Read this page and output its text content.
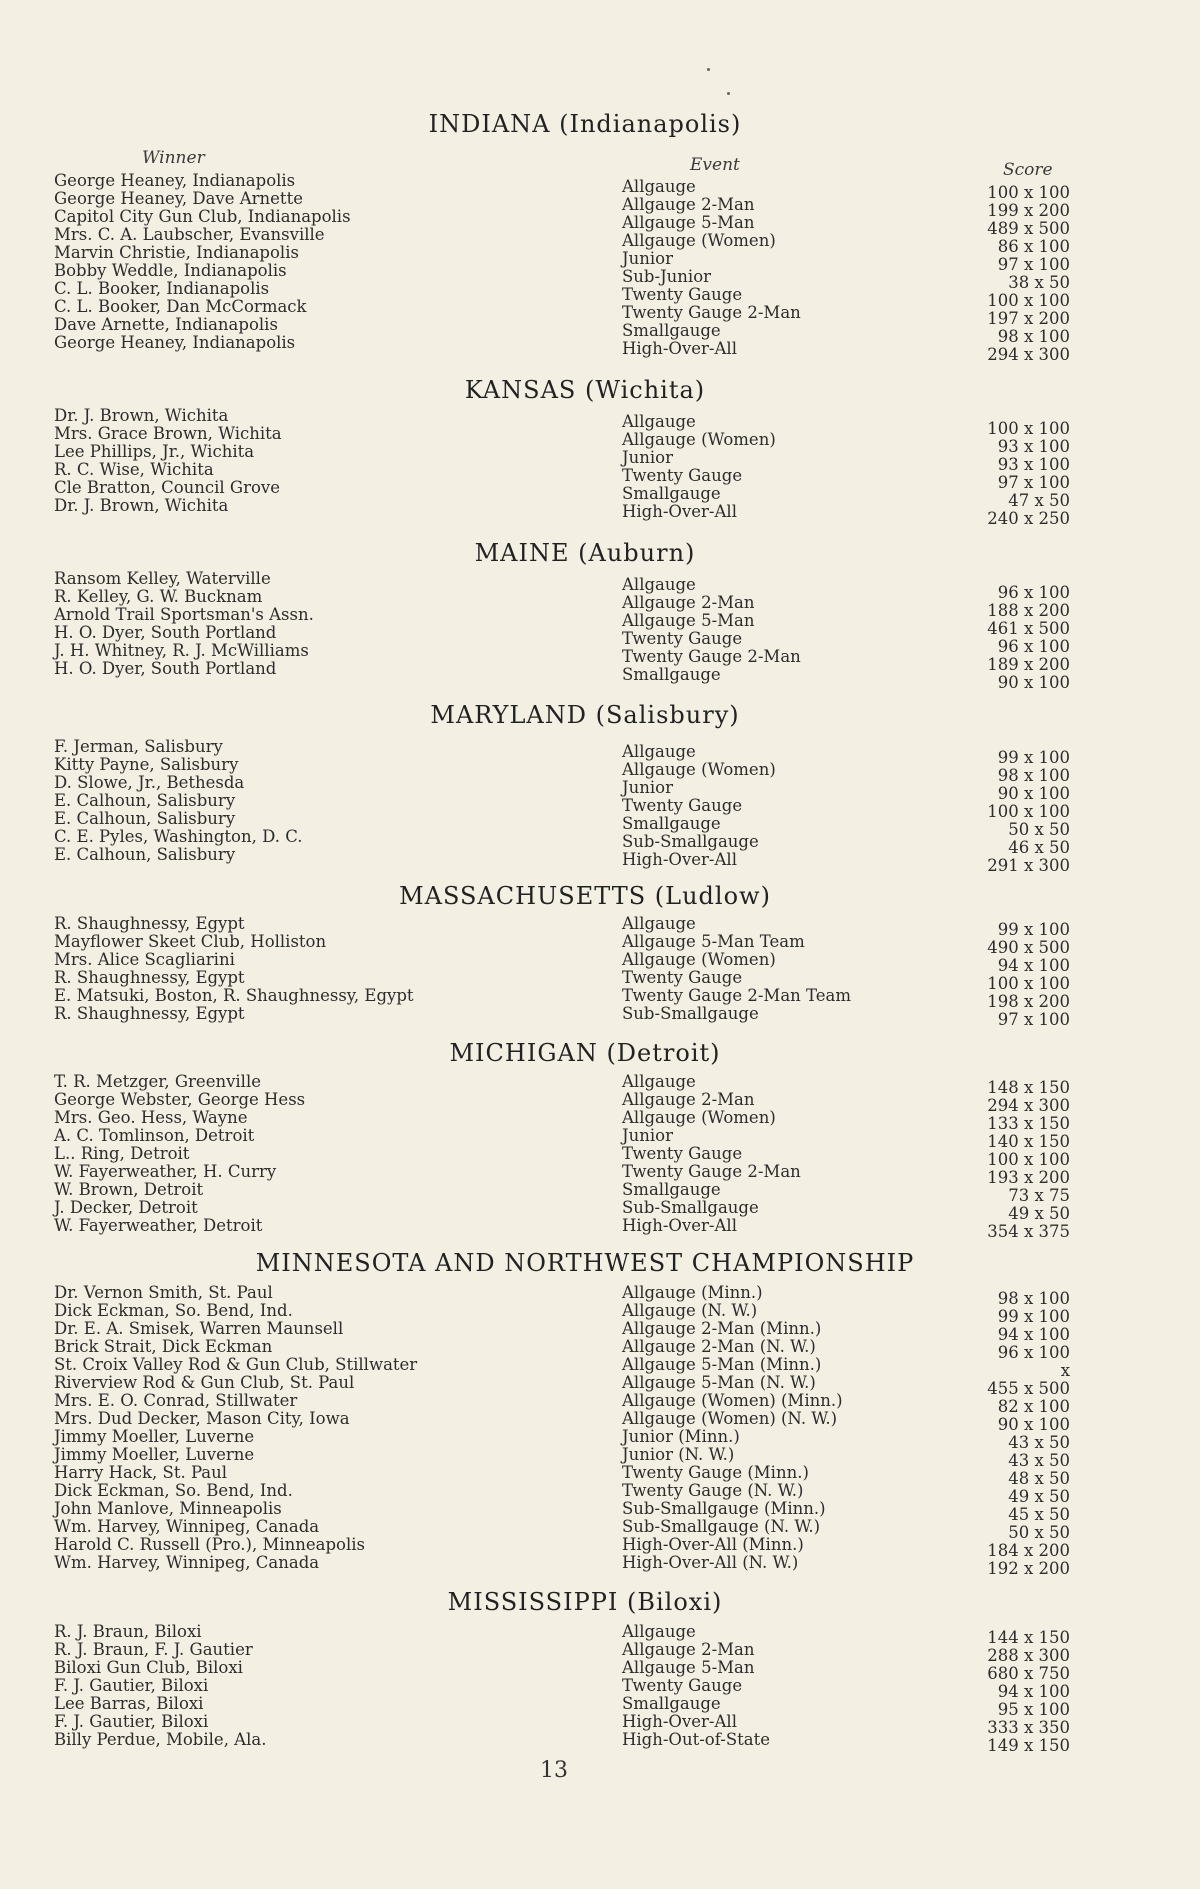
Winner	Event	Score
INDIANA (Indianapolis)
George Heaney, Indianapolis	Allgauge	100 x 100
George Heaney, Dave Arnette	Allgauge 2-Man	199 x 200
Capitol City Gun Club, Indianapolis	Allgauge 5-Man	489 x 500
Mrs. C. A. Laubscher, Evansville	Allgauge (Women)	86 x 100
Marvin Christie, Indianapolis	Junior	97 x 100
Bobby Weddle, Indianapolis	Sub-Junior	38 x 50
C. L. Booker, Indianapolis	Twenty Gauge	100 x 100
C. L. Booker, Dan McCormack	Twenty Gauge 2-Man	197 x 200
Dave Arnette, Indianapolis	Smallgauge	98 x 100
George Heaney, Indianapolis	High-Over-All	294 x 300
KANSAS (Wichita)
Dr. J. Brown, Wichita	Allgauge	100 x 100
Mrs. Grace Brown, Wichita	Allgauge (Women)	93 x 100
Lee Phillips, Jr., Wichita	Junior	93 x 100
R. C. Wise, Wichita	Twenty Gauge	97 x 100
Cle Bratton, Council Grove	Smallgauge	47 x 50
Dr. J. Brown, Wichita	High-Over-All	240 x 250
MAINE (Auburn)
Ransom Kelley, Waterville	Allgauge	96 x 100
R. Kelley, G. W. Bucknam	Allgauge 2-Man	188 x 200
Arnold Trail Sportsman's Assn.	Allgauge 5-Man	461 x 500
H. O. Dyer, South Portland	Twenty Gauge	96 x 100
J. H. Whitney, R. J. McWilliams	Twenty Gauge 2-Man	189 x 200
H. O. Dyer, South Portland	Smallgauge	90 x 100
MARYLAND (Salisbury)
F. Jerman, Salisbury	Allgauge	99 x 100
Kitty Payne, Salisbury	Allgauge (Women)	98 x 100
D. Slowe, Jr., Bethesda	Junior	90 x 100
E. Calhoun, Salisbury	Twenty Gauge	100 x 100
E. Calhoun, Salisbury	Smallgauge	50 x 50
C. E. Pyles, Washington, D. C.	Sub-Smallgauge	46 x 50
E. Calhoun, Salisbury	High-Over-All	291 x 300
MASSACHUSETTS (Ludlow)
R. Shaughnessy, Egypt	Allgauge	99 x 100
Mayflower Skeet Club, Holliston	Allgauge 5-Man Team	490 x 500
Mrs. Alice Scagliarini	Allgauge (Women)	94 x 100
R. Shaughnessy, Egypt	Twenty Gauge	100 x 100
E. Matsuki, Boston, R. Shaughnessy, Egypt	Twenty Gauge 2-Man Team	198 x 200
R. Shaughnessy, Egypt	Sub-Smallgauge	97 x 100
MICHIGAN (Detroit)
T. R. Metzger, Greenville	Allgauge	148 x 150
George Webster, George Hess	Allgauge 2-Man	294 x 300
Mrs. Geo. Hess, Wayne	Allgauge (Women)	133 x 150
A. C. Tomlinson, Detroit	Junior	140 x 150
L.. Ring, Detroit	Twenty Gauge	100 x 100
W. Fayerweather, H. Curry	Twenty Gauge 2-Man	193 x 200
W. Brown, Detroit	Smallgauge	73 x 75
J. Decker, Detroit	Sub-Smallgauge	49 x 50
W. Fayerweather, Detroit	High-Over-All	354 x 375
MINNESOTA AND NORTHWEST CHAMPIONSHIP
Dr. Vernon Smith, St. Paul	Allgauge (Minn.)	98 x 100
Dick Eckman, So. Bend, Ind.	Allgauge (N. W.)	99 x 100
Dr. E. A. Smisek, Warren Maunsell	Allgauge 2-Man (Minn.)	94 x 100
Brick Strait, Dick Eckman	Allgauge 2-Man (N. W.)	96 x 100
St. Croix Valley Rod & Gun Club, Stillwater	Allgauge 5-Man (Minn.)	x
Riverview Rod & Gun Club, St. Paul	Allgauge 5-Man (N. W.)	455 x 500
Mrs. E. O. Conrad, Stillwater	Allgauge (Women) (Minn.)	82 x 100
Mrs. Dud Decker, Mason City, Iowa	Allgauge (Women) (N. W.)	90 x 100
Jimmy Moeller, Luverne	Junior (Minn.)	43 x 50
Jimmy Moeller, Luverne	Junior (N. W.)	43 x 50
Harry Hack, St. Paul	Twenty Gauge (Minn.)	48 x 50
Dick Eckman, So. Bend, Ind.	Twenty Gauge (N. W.)	49 x 50
John Manlove, Minneapolis	Sub-Smallgauge (Minn.)	45 x 50
Wm. Harvey, Winnipeg, Canada	Sub-Smallgauge (N. W.)	50 x 50
Harold C. Russell (Pro.), Minneapolis	High-Over-All (Minn.)	184 x 200
Wm. Harvey, Winnipeg, Canada	High-Over-All (N. W.)	192 x 200
MISSISSIPPI (Biloxi)
R. J. Braun, Biloxi	Allgauge	144 x 150
R. J. Braun, F. J. Gautier	Allgauge 2-Man	288 x 300
Biloxi Gun Club, Biloxi	Allgauge 5-Man	680 x 750
F. J. Gautier, Biloxi	Twenty Gauge	94 x 100
Lee Barras, Biloxi	Smallgauge	95 x 100
F. J. Gautier, Biloxi	High-Over-All	333 x 350
Billy Perdue, Mobile, Ala.	High-Out-of-State	149 x 150
13
